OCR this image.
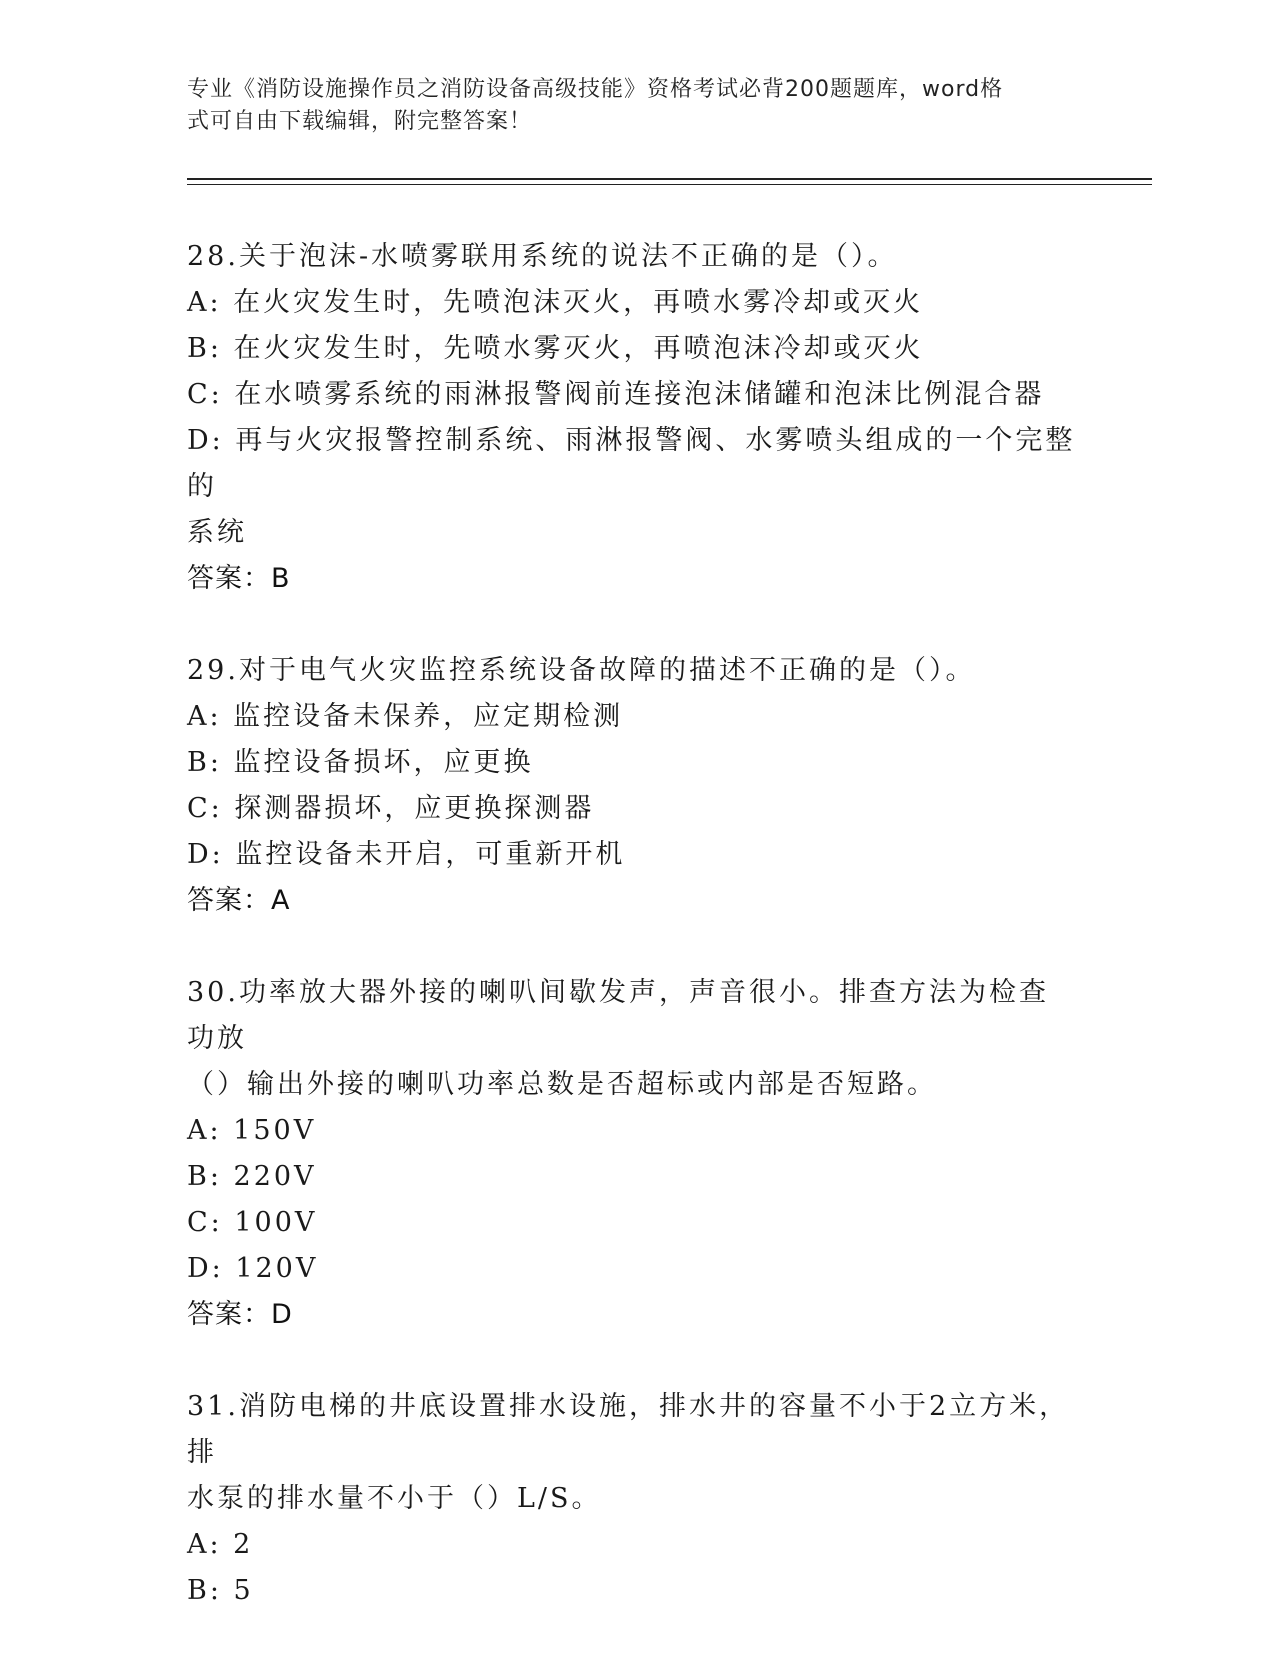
专业《消防设施操作员之消防设备高级技能》资格考试必背200题题库，word格
式可自由下载编辑，附完整答案！
28.关于泡沫-水喷雾联用系统的说法不正确的是（）。
A: 在火灾发生时，先喷泡沫灭火，再喷水雾冷却或灭火
B: 在火灾发生时，先喷水雾灭火，再喷泡沫冷却或灭火
C: 在水喷雾系统的雨淋报警阀前连接泡沫储罐和泡沫比例混合器
D: 再与火灾报警控制系统、雨淋报警阀、水雾喷头组成的一个完整的
系统
答案：B
29.对于电气火灾监控系统设备故障的描述不正确的是（）。
A: 监控设备未保养，应定期检测
B: 监控设备损坏，应更换
C: 探测器损坏，应更换探测器
D: 监控设备未开启，可重新开机
答案：A
30.功率放大器外接的喇叭间歇发声，声音很小。排查方法为检查功放
（）输出外接的喇叭功率总数是否超标或内部是否短路。
A: 150V
B: 220V
C: 100V
D: 120V
答案：D
31.消防电梯的井底设置排水设施，排水井的容量不小于2立方米，排
水泵的排水量不小于（）L/S。
A: 2
B: 5
